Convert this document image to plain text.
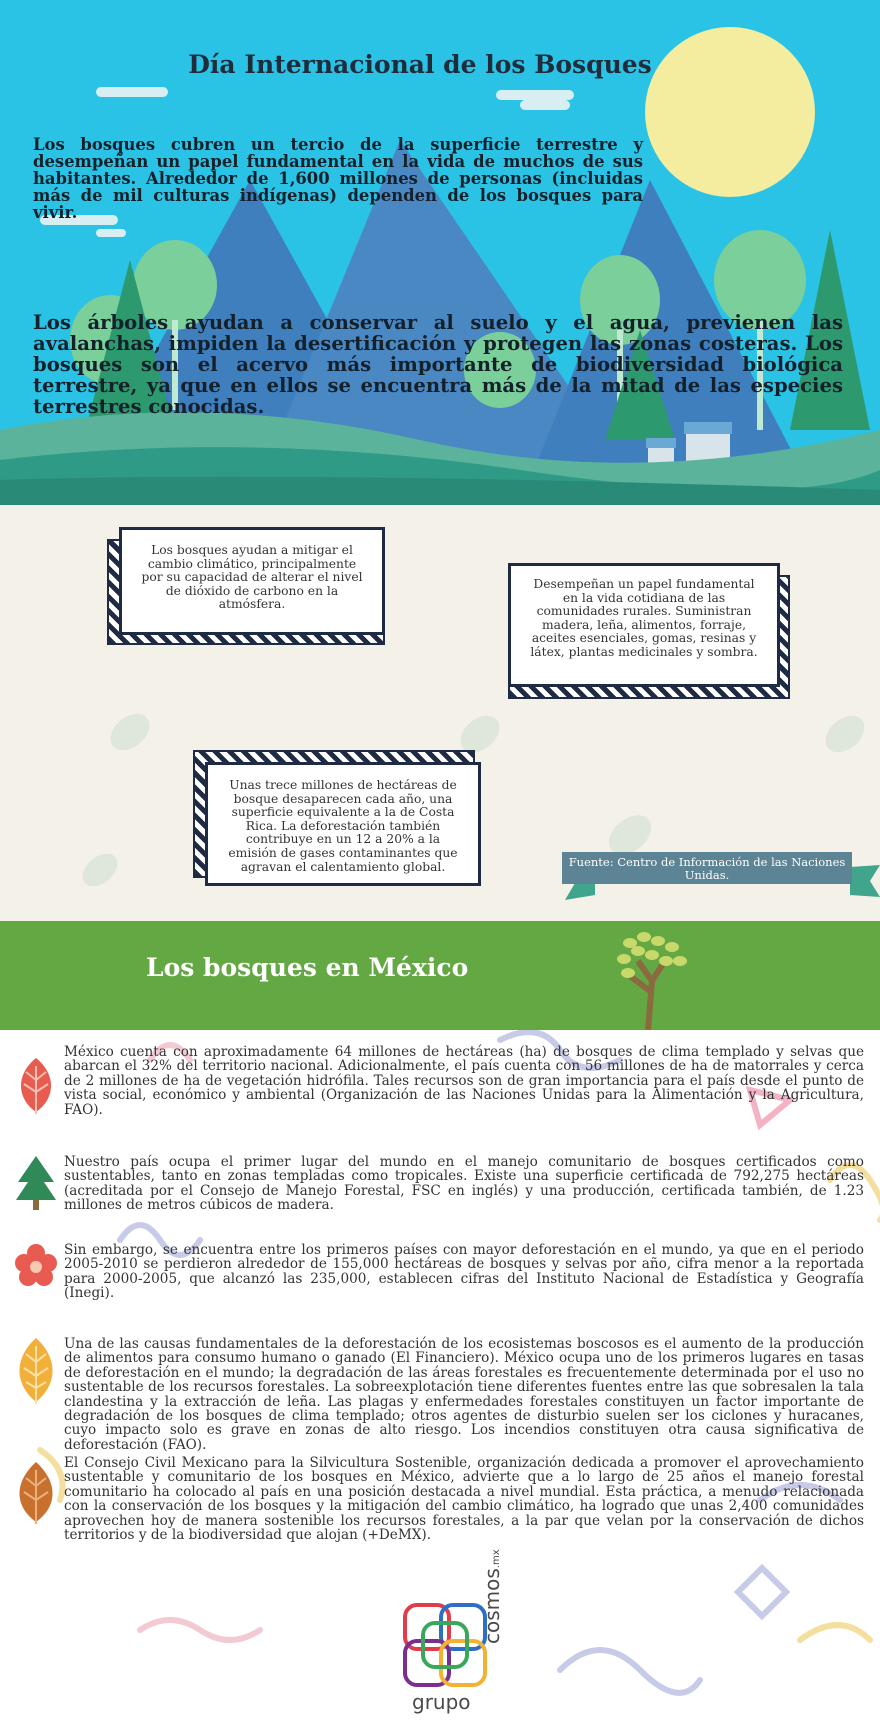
Día Internacional de los Bosques
Los bosques cubren un tercio de la superficie terrestre y desempeñan un papel fundamental en la vida de muchos de sus habitantes. Alrededor de 1,600 millones de personas (incluidas más de mil culturas indígenas) dependen de los bosques para vivir.
Los árboles ayudan a conservar al suelo y el agua, previenen las avalanchas, impiden la desertificación y protegen las zonas costeras. Los bosques son el acervo más importante de biodiversidad biológica terrestre, ya que en ellos se encuentra más de la mitad de las especies terrestres conocidas.
Los bosques ayudan a mitigar el cambio climático, principalmente por su capacidad de alterar el nivel de dióxido de carbono en la atmósfera.
Desempeñan un papel fundamental en la vida cotidiana de las comunidades rurales. Suministran madera, leña, alimentos, forraje, aceites esenciales, gomas, resinas y látex, plantas medicinales y sombra.
Unas trece millones de hectáreas de bosque desaparecen cada año, una superficie equivalente a la de Costa Rica. La deforestación también contribuye en un 12 a 20% a la emisión de gases contaminantes que agravan el calentamiento global.	Fuente: Centro de Información de las Naciones Unidas.
Los bosques en México
México cuenta con aproximadamente 64 millones de hectáreas (ha) de bosques de clima templado y selvas que abarcan el 32% del territorio nacional. Adicionalmente, el país cuenta con 56 millones de ha de matorrales y cerca de 2 millones de ha de vegetación hidrófila. Tales recursos son de gran importancia para el país desde el punto de vista social, económico y ambiental (Organización de las Naciones Unidas para la Alimentación y la Agricultura, FAO).
Nuestro país ocupa el primer lugar del mundo en el manejo comunitario de bosques certificados como sustentables, tanto en zonas templadas como tropicales. Existe una superficie certificada de 792,275 hectáreas (acreditada por el Consejo de Manejo Forestal, FSC en inglés) y una producción, certificada también, de 1.23 millones de metros cúbicos de madera.
Sin embargo, se encuentra entre los primeros países con mayor deforestación en el mundo, ya que en el periodo 2005-2010 se perdieron alrededor de 155,000 hectáreas de bosques y selvas por año, cifra menor a la reportada para 2000-2005, que alcanzó las 235,000, establecen cifras del Instituto Nacional de Estadística y Geografía (Inegi).
Una de las causas fundamentales de la deforestación de los ecosistemas boscosos es el aumento de la producción de alimentos para consumo humano o ganado (El Financiero). México ocupa uno de los primeros lugares en tasas de deforestación en el mundo; la degradación de las áreas forestales es frecuentemente determinada por el uso no sustentable de los recursos forestales. La sobreexplotación tiene diferentes fuentes entre las que sobresalen la tala clandestina y la extracción de leña. Las plagas y enfermedades forestales constituyen un factor importante de degradación de los bosques de clima templado; otros agentes de disturbio suelen ser los ciclones y huracanes, cuyo impacto solo es grave en zonas de alto riesgo. Los incendios constituyen otra causa significativa de deforestación (FAO).
El Consejo Civil Mexicano para la Silvicultura Sostenible, organización dedicada a promover el aprovechamiento sustentable y comunitario de los bosques en México, advierte que a lo largo de 25 años el manejo forestal comunitario ha colocado al país en una posición destacada a nivel mundial. Esta práctica, a menudo relacionada con la conservación de los bosques y la mitigación del cambio climático, ha logrado que unas 2,400 comunidades aprovechen hoy de manera sostenible los recursos forestales, a la par que velan por la conservación de dichos territorios y de la biodiversidad que alojan (+DeMX).
grupo
cosmos.mx
